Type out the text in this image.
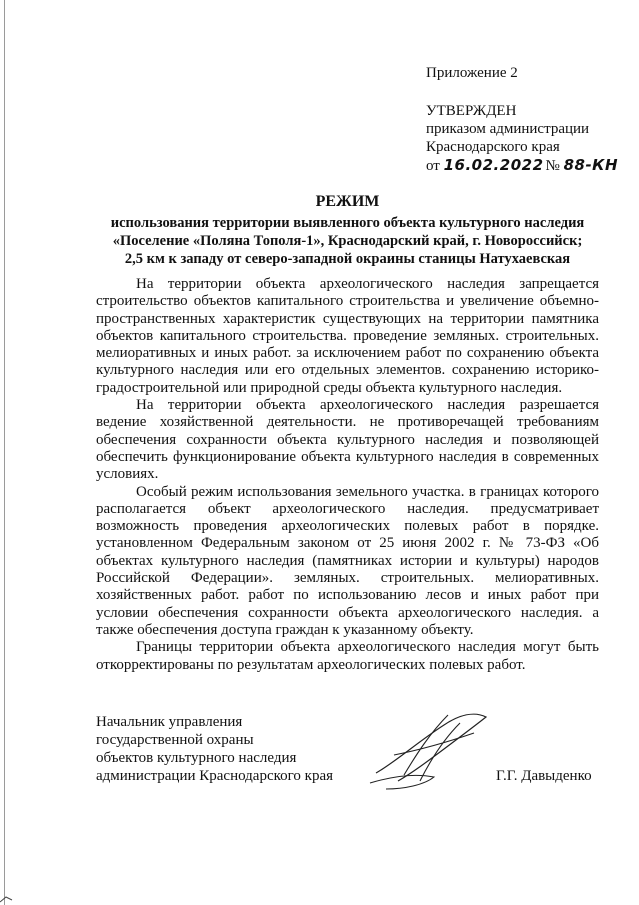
Приложение 2
УТВЕРЖДЕН
приказом администрации
Краснодарского края
от 16.02.2022 № 88-КН
РЕЖИМ
использования территории выявленного объекта культурного наследия
«Поселение «Поляна Тополя-1», Краснодарский край, г. Новороссийск;
2,5 км к западу от северо-западной окраины станицы Натухаевская

На территории объекта археологического наследия запрещается строительство объектов капитального строительства и увеличение объемно-пространственных характеристик существующих на территории памятника объектов капитального строительства. проведение земляных. строительных. мелиоративных и иных работ. за исключением работ по сохранению объекта культурного наследия или его отдельных элементов. сохранению историко-градостроительной или природной среды объекта культурного наследия.

На территории объекта археологического наследия разрешается ведение хозяйственной деятельности. не противоречащей требованиям обеспечения сохранности объекта культурного наследия и позволяющей обеспечить функционирование объекта культурного наследия в современных условиях.

Особый режим использования земельного участка. в границах которого располагается объект археологического наследия. предусматривает возможность проведения археологических полевых работ в порядке. установленном Федеральным законом от 25 июня 2002 г. № 73-ФЗ «Об объектах культурного наследия (памятниках истории и культуры) народов Российской Федерации». земляных. строительных. мелиоративных. хозяйственных работ. работ по использованию лесов и иных работ при условии обеспечения сохранности объекта археологического наследия. а также обеспечения доступа граждан к указанному объекту.

Границы территории объекта археологического наследия могут быть откорректированы по результатам археологических полевых работ.

Начальник управления
государственной охраны
объектов культурного наследия
администрации Краснодарского края	Г.Г. Давыденко
